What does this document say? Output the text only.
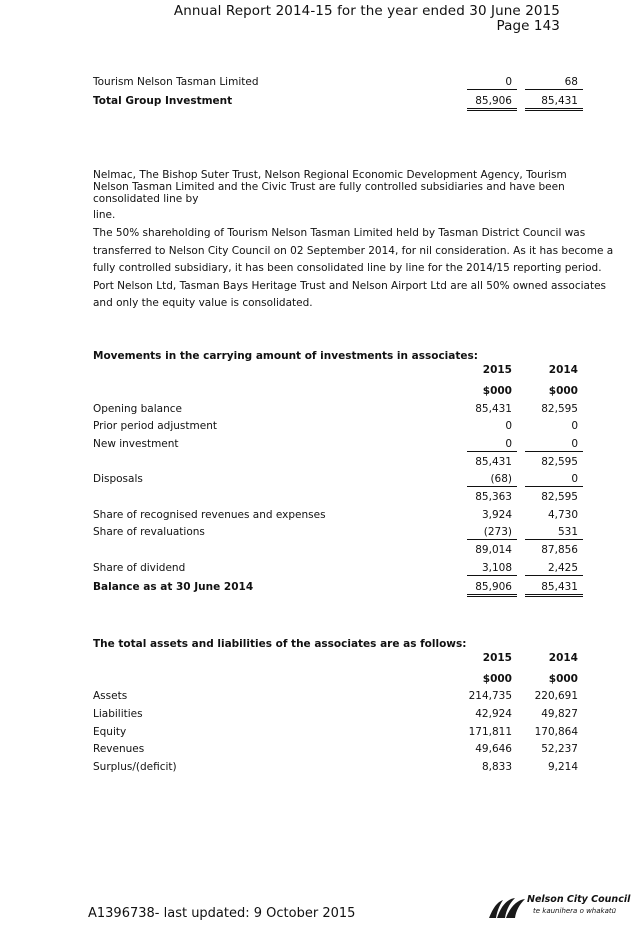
Annual Report 2014-15 for the year ended 30 June 2015
Page 143
Tourism Nelson Tasman Limited	0	68
Total Group Investment	85,906	85,431
Nelmac, The Bishop Suter Trust, Nelson Regional Economic Development Agency, Tourism Nelson Tasman Limited and the Civic Trust are fully controlled subsidiaries and have been consolidated line by
line.
The 50% shareholding of Tourism Nelson Tasman Limited held by Tasman District Council was
transferred to Nelson City Council on 02 September 2014, for nil consideration. As it has become a
fully controlled subsidiary, it has been consolidated line by line for the 2014/15 reporting period.
Port Nelson Ltd, Tasman Bays Heritage Trust and Nelson Airport Ltd are all 50% owned associates
and only the equity value is consolidated.
Movements in the carrying amount of investments in associates:
2015	2014
$000	$000
Opening balance	85,431	82,595
Prior period adjustment	0	0
New investment	0	0
85,431	82,595
Disposals	(68)	0
85,363	82,595
Share of recognised revenues and expenses	3,924	4,730
Share of revaluations	(273)	531
89,014	87,856
Share of dividend	3,108	2,425
Balance as at 30 June 2014	85,906	85,431
The total assets and liabilities of the associates are as follows:
2015	2014
$000	$000
Assets	214,735	220,691
Liabilities	42,924	49,827
Equity	171,811	170,864
Revenues	49,646	52,237
Surplus/(deficit)	8,833	9,214
A1396738- last updated: 9 October 2015
Nelson City Council
te kaunihera o whakatū
